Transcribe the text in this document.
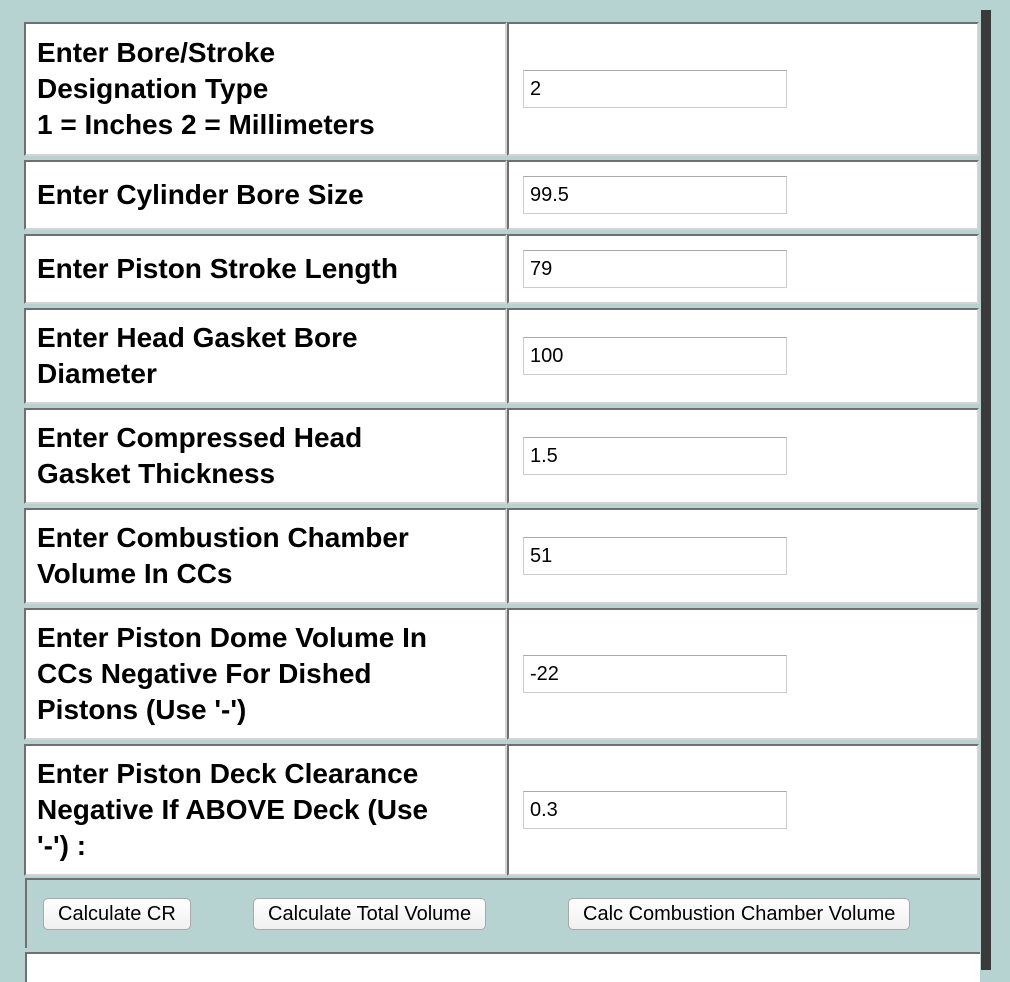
Enter Bore/Stroke
Designation Type
1 = Inches 2 = Millimeters
	2

Enter Cylinder Bore Size
	99.5

Enter Piston Stroke Length
	79

Enter Head Gasket Bore
Diameter
	100

Enter Compressed Head
Gasket Thickness
	1.5

Enter Combustion Chamber
Volume In CCs
	51

Enter Piston Dome Volume In
CCs Negative For Dished
Pistons (Use '-')
	-22

Enter Piston Deck Clearance
Negative If ABOVE Deck (Use
'-') :
	0.3
Calculate CR	Calculate Total Volume	Calc Combustion Chamber Volume
